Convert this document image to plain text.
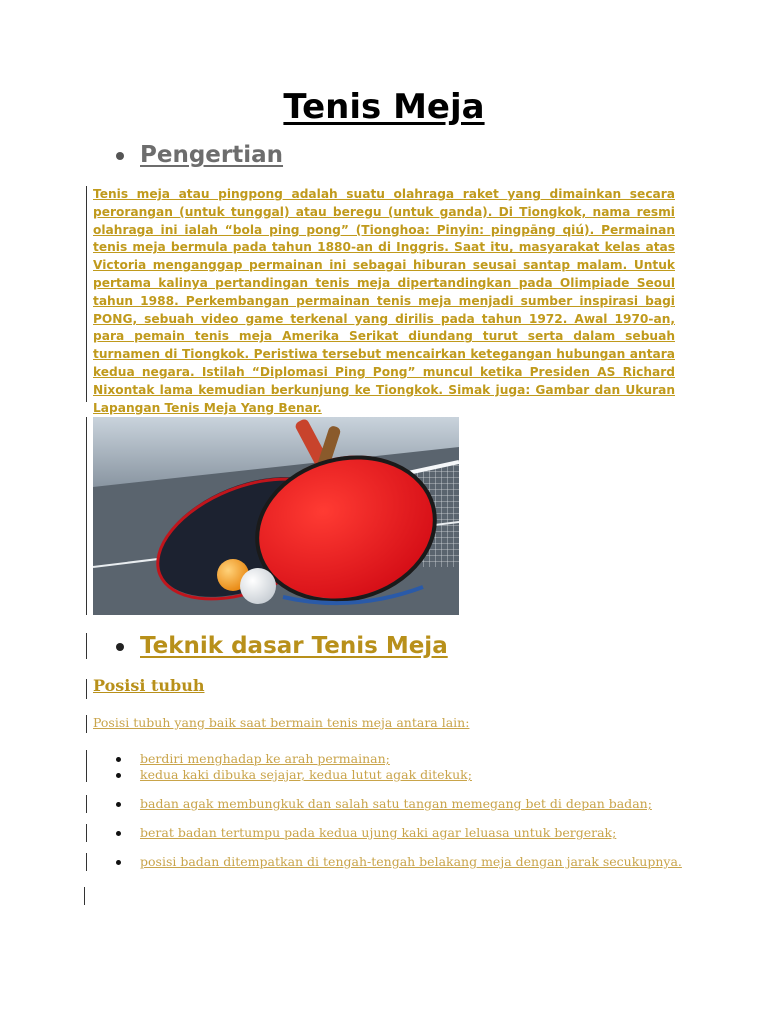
Tenis Meja
Pengertian

Tenis meja atau pingpong adalah suatu olahraga raket yang dimainkan secara perorangan (untuk tunggal) atau beregu (untuk ganda). Di Tiongkok, nama resmi olahraga ini ialah “bola ping pong” (Tionghoa: Pinyin: pingpāng qiú). Permainan tenis meja bermula pada tahun 1880-an di Inggris. Saat itu, masyarakat kelas atas Victoria menganggap permainan ini sebagai hiburan seusai santap malam. Untuk pertama kalinya pertandingan tenis meja dipertandingkan pada Olimpiade Seoul tahun 1988. Perkembangan permainan tenis meja menjadi sumber inspirasi bagi PONG, sebuah video game terkenal yang dirilis pada tahun 1972. Awal 1970-an, para pemain tenis meja Amerika Serikat diundang turut serta dalam sebuah turnamen di Tiongkok. Peristiwa tersebut mencairkan ketegangan hubungan antara kedua negara. Istilah “Diplomasi Ping Pong” muncul ketika Presiden AS Richard Nixontak lama kemudian berkunjung ke Tiongkok. Simak juga: Gambar dan Ukuran Lapangan Tenis Meja Yang Benar.

Teknik dasar Tenis Meja
Posisi tubuh
Posisi tubuh yang baik saat bermain tenis meja antara lain:
berdiri menghadap ke arah permainan;
kedua kaki dibuka sejajar, kedua lutut agak ditekuk;
badan agak membungkuk dan salah satu tangan memegang bet di depan badan;
berat badan tertumpu pada kedua ujung kaki agar leluasa untuk bergerak;
posisi badan ditempatkan di tengah-tengah belakang meja dengan jarak secukupnya.
